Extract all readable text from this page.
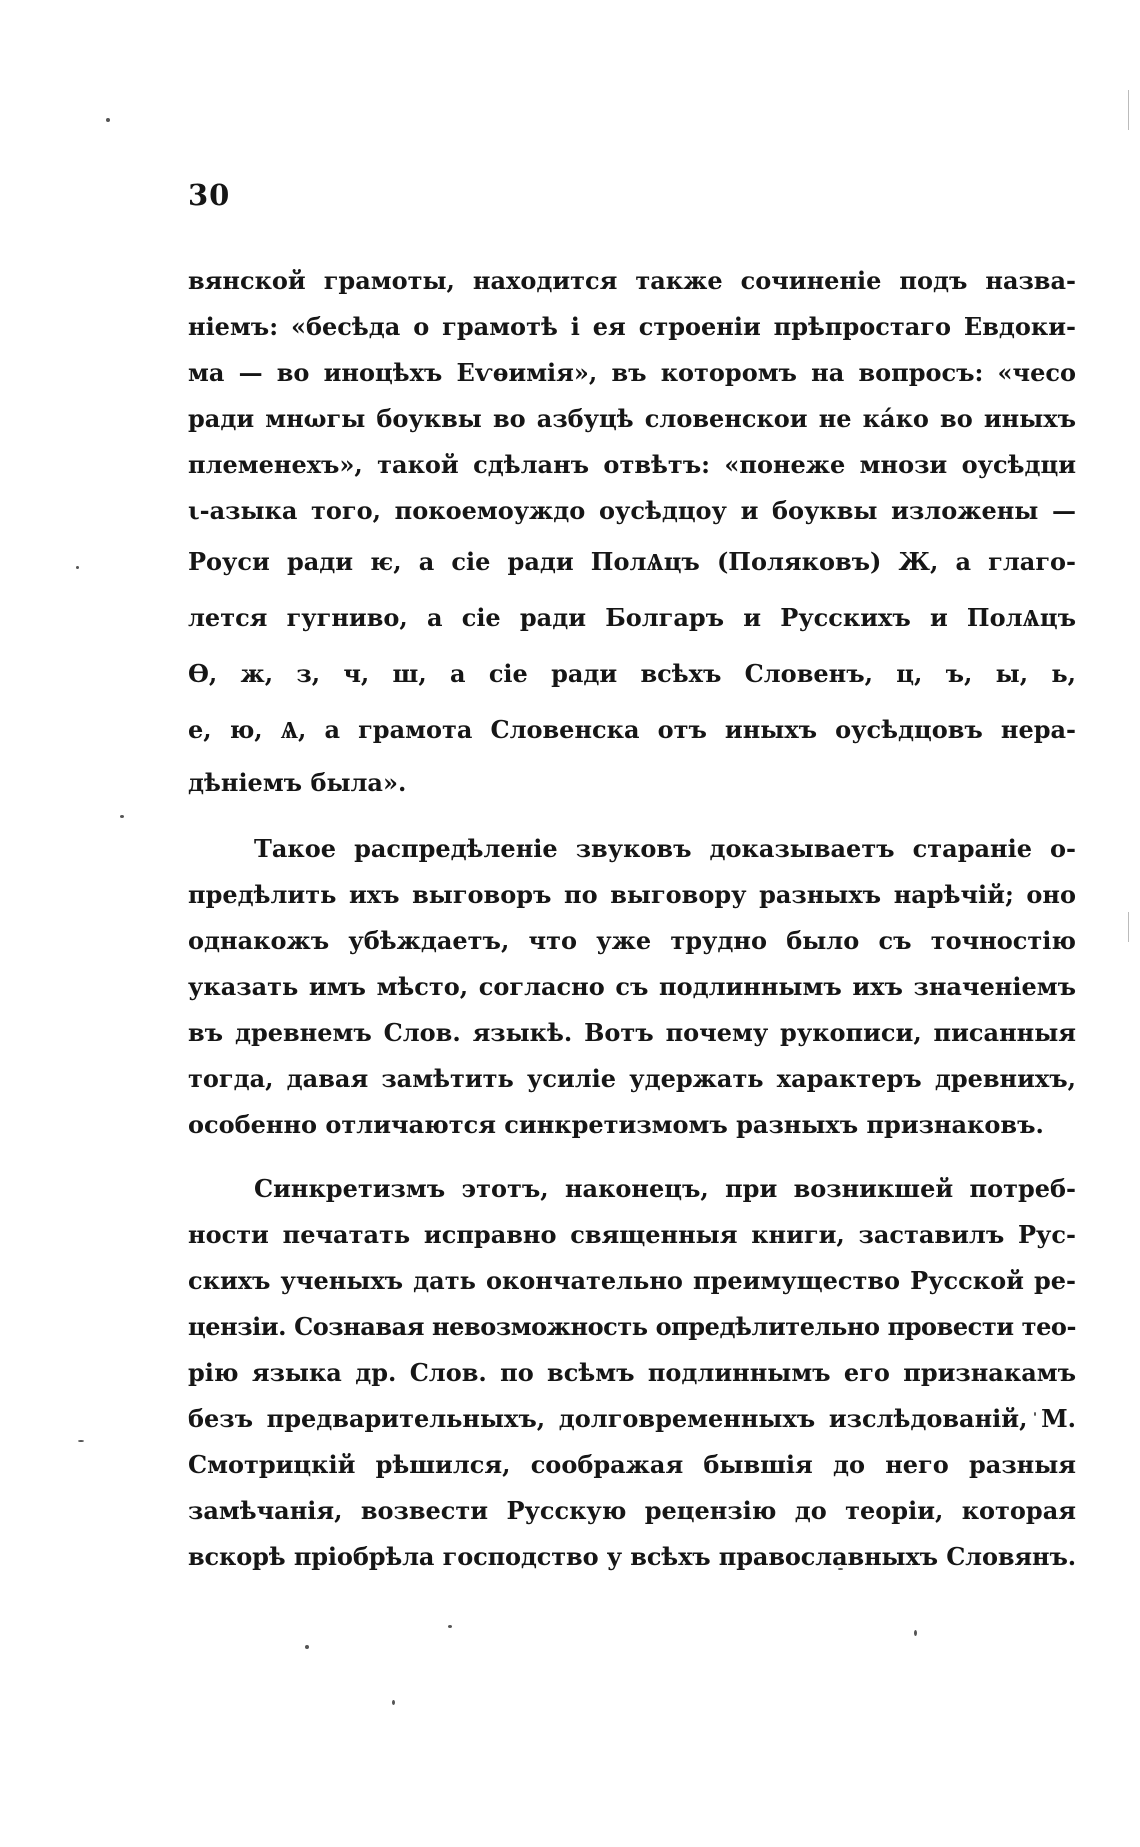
30
вянской грамоты, находится также сочиненіе подъ назва-
ніемъ: «бесѣда о грамотѣ і ея строеніи прѣпростаго Евдоки-
ма — во иноцѣхъ Еѵѳимія», въ которомъ на вопросъ: «чесо
ради мнωгы боуквы во азбуцѣ словенскои не кáко во иныхъ
племенехъ», такой сдѣланъ отвѣтъ: «понеже мнози оусѣдци
ι-азыка того, покоемоуждо оусѣдцоу и боуквы изложены —
Роуси ради ѥ, а сіе ради ПолѦцъ (Поляковъ) Ж, а глаго-
лется гугниво, а сіе ради Болгаръ и Русскихъ и ПолѦцъ
Ѳ, ж, з, ч, ш, а сіе ради всѣхъ Словенъ, ц, ъ, ы, ь,
е, ю, Ѧ, а грамота Словенска отъ иныхъ оусѣдцовъ нера-
дѣніемъ была».
Такое распредѣленіе звуковъ доказываетъ стараніе о-
предѣлить ихъ выговоръ по выговору разныхъ нарѣчій; оно
однакожъ убѣждаетъ, что уже трудно было съ точностію
указать имъ мѣсто, согласно съ подлиннымъ ихъ значеніемъ
въ древнемъ Слов. языкѣ. Вотъ почему рукописи, писанныя
тогда, давая замѣтить усиліе удержать характеръ древнихъ,
особенно отличаются синкретизмомъ разныхъ признаковъ.
Синкретизмъ этотъ, наконецъ, при возникшей потреб-
ности печатать исправно священныя книги, заставилъ Рус-
скихъ ученыхъ дать окончательно преимущество Русской ре-
цензіи. Сознавая невозможность опредѣлительно провести тео-
рію языка др. Слов. по всѣмъ подлиннымъ его признакамъ
безъ предварительныхъ, долговременныхъ изслѣдованій, М.
Смотрицкій рѣшился, соображая бывшія до него разныя
замѣчанія, возвести Русскую рецензію до теоріи, которая
вскорѣ пріобрѣла господство у всѣхъ православныхъ Словянъ.
